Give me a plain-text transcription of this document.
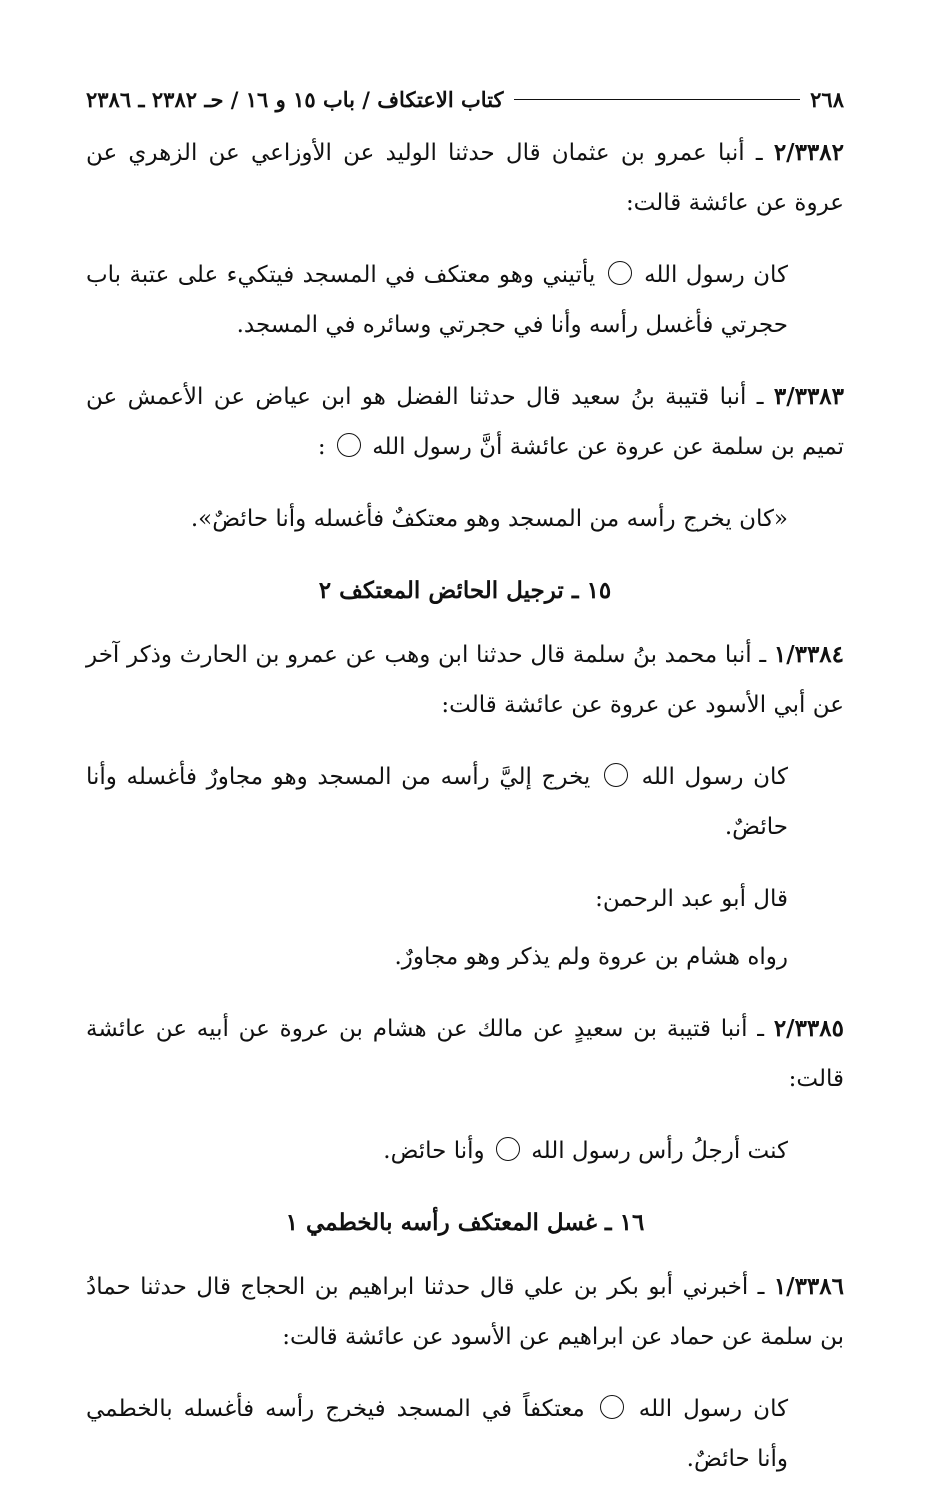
٢٦٨
كتاب الاعتكاف / باب ١٥ و ١٦ / حـ ٢٣٨٢ ـ ٢٣٨٦

٢/٣٣٨٢ ـ أنبا عمرو بن عثمان قال حدثنا الوليد عن الأوزاعي عن الزهري عن عروة عن عائشة قالت:

كان رسول الله  يأتيني وهو معتكف في المسجد فيتكيء على عتبة باب حجرتي فأغسل رأسه وأنا في حجرتي وسائره في المسجد.

٣/٣٣٨٣ ـ أنبا قتيبة بنُ سعيد قال حدثنا الفضل هو ابن عياض عن الأعمش عن تميم بن سلمة عن عروة عن عائشة أنَّ رسول الله  :

«كان يخرج رأسه من المسجد وهو معتكفٌ فأغسله وأنا حائضٌ».

١٥ ـ ترجيل الحائض المعتكف ٢

١/٣٣٨٤ ـ أنبا محمد بنُ سلمة قال حدثنا ابن وهب عن عمرو بن الحارث وذكر آخر عن أبي الأسود عن عروة عن عائشة قالت:

كان رسول الله  يخرج إليَّ رأسه من المسجد وهو مجاورٌ فأغسله وأنا حائضٌ.

قال أبو عبد الرحمن:

رواه هشام بن عروة ولم يذكر وهو مجاورٌ.

٢/٣٣٨٥ ـ أنبا قتيبة بن سعيدٍ عن مالك عن هشام بن عروة عن أبيه عن عائشة قالت:

كنت أرجلُ رأس رسول الله  وأنا حائض.

١٦ ـ غسل المعتكف رأسه بالخطمي ١

١/٣٣٨٦ ـ أخبرني أبو بكر بن علي قال حدثنا ابراهيم بن الحجاج قال حدثنا حمادُ بن سلمة عن حماد عن ابراهيم عن الأسود عن عائشة قالت:

كان رسول الله  معتكفاً في المسجد فيخرج رأسه فأغسله بالخطمي وأنا حائضٌ.
